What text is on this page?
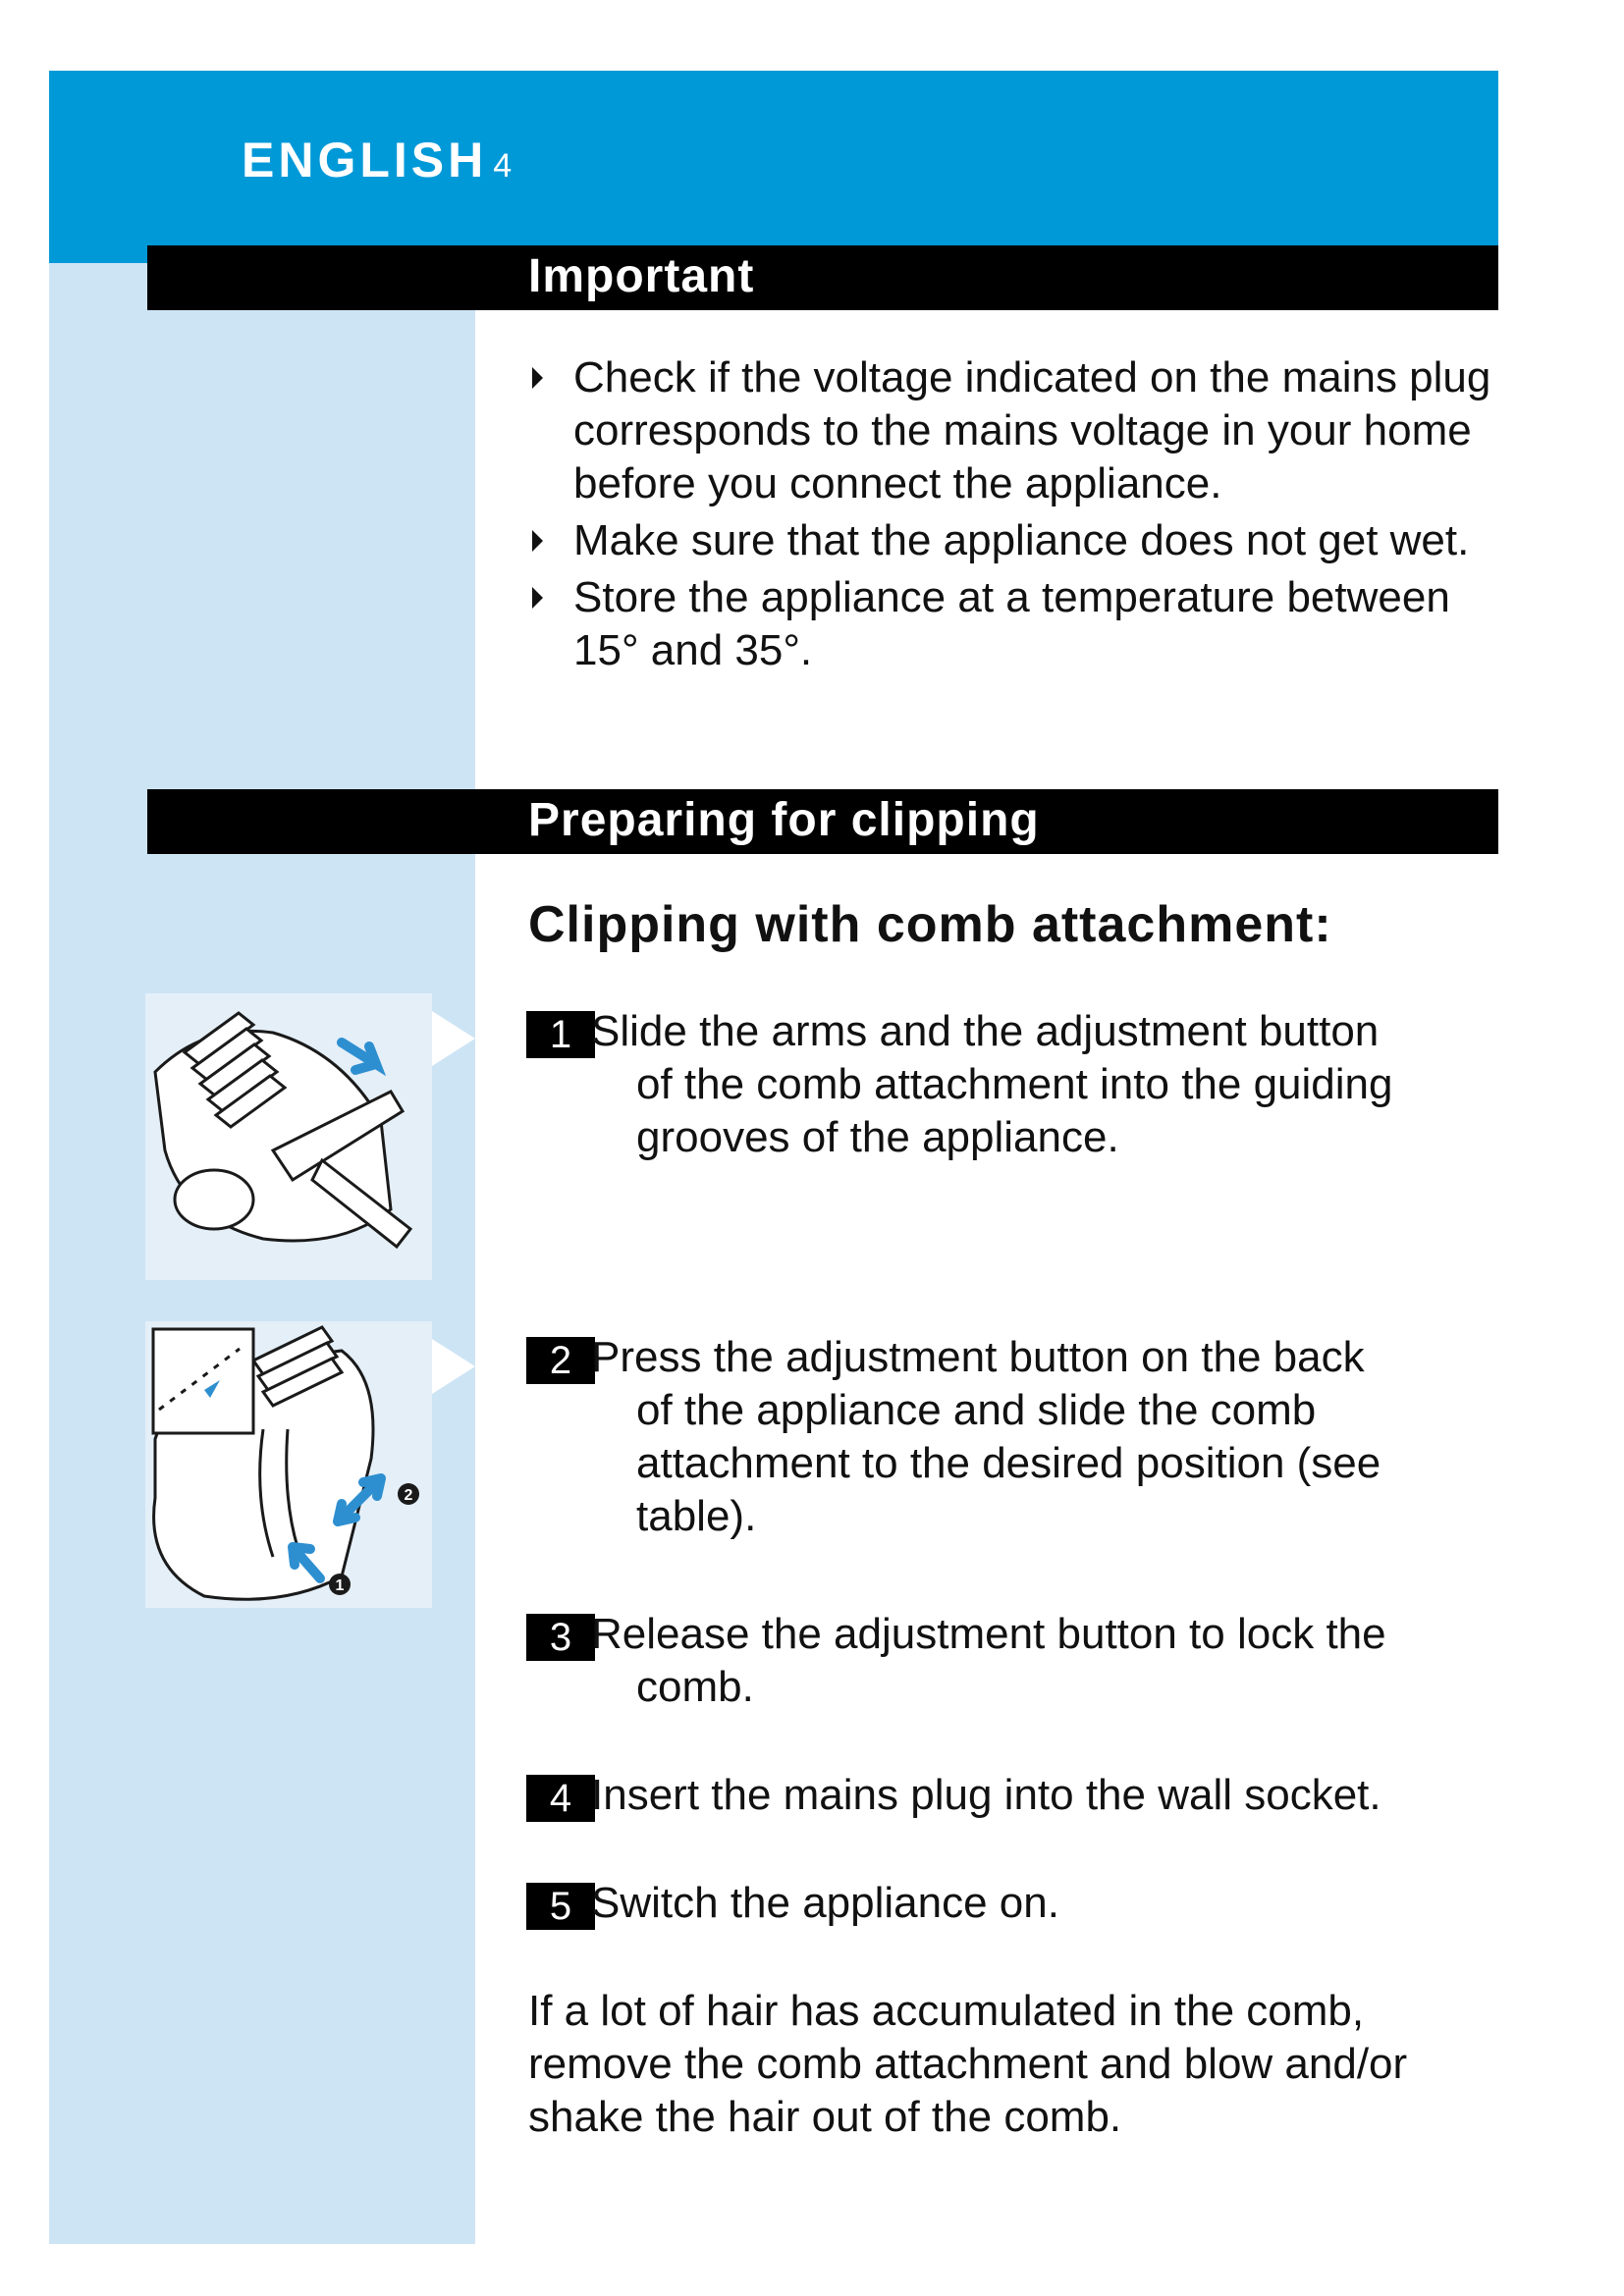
ENGLISH 4
Important
Check if the voltage indicated on the mains plug corresponds to the mains voltage in your home before you connect the appliance.
Make sure that the appliance does not get wet.
Store the appliance at a temperature between 15° and 35°.
Preparing for clipping
Clipping with comb attachment:
2
1
1 Slide the arms and the adjustment button
of the comb attachment into the guiding grooves of the appliance.
2 Press the adjustment button on the back
of the appliance and slide the comb attachment to the desired position (see table).
3 Release the adjustment button to lock the
comb.
4 Insert the mains plug into the wall socket.
5 Switch the appliance on.
If a lot of hair has accumulated in the comb, remove the comb attachment and blow and/or shake the hair out of the comb.
